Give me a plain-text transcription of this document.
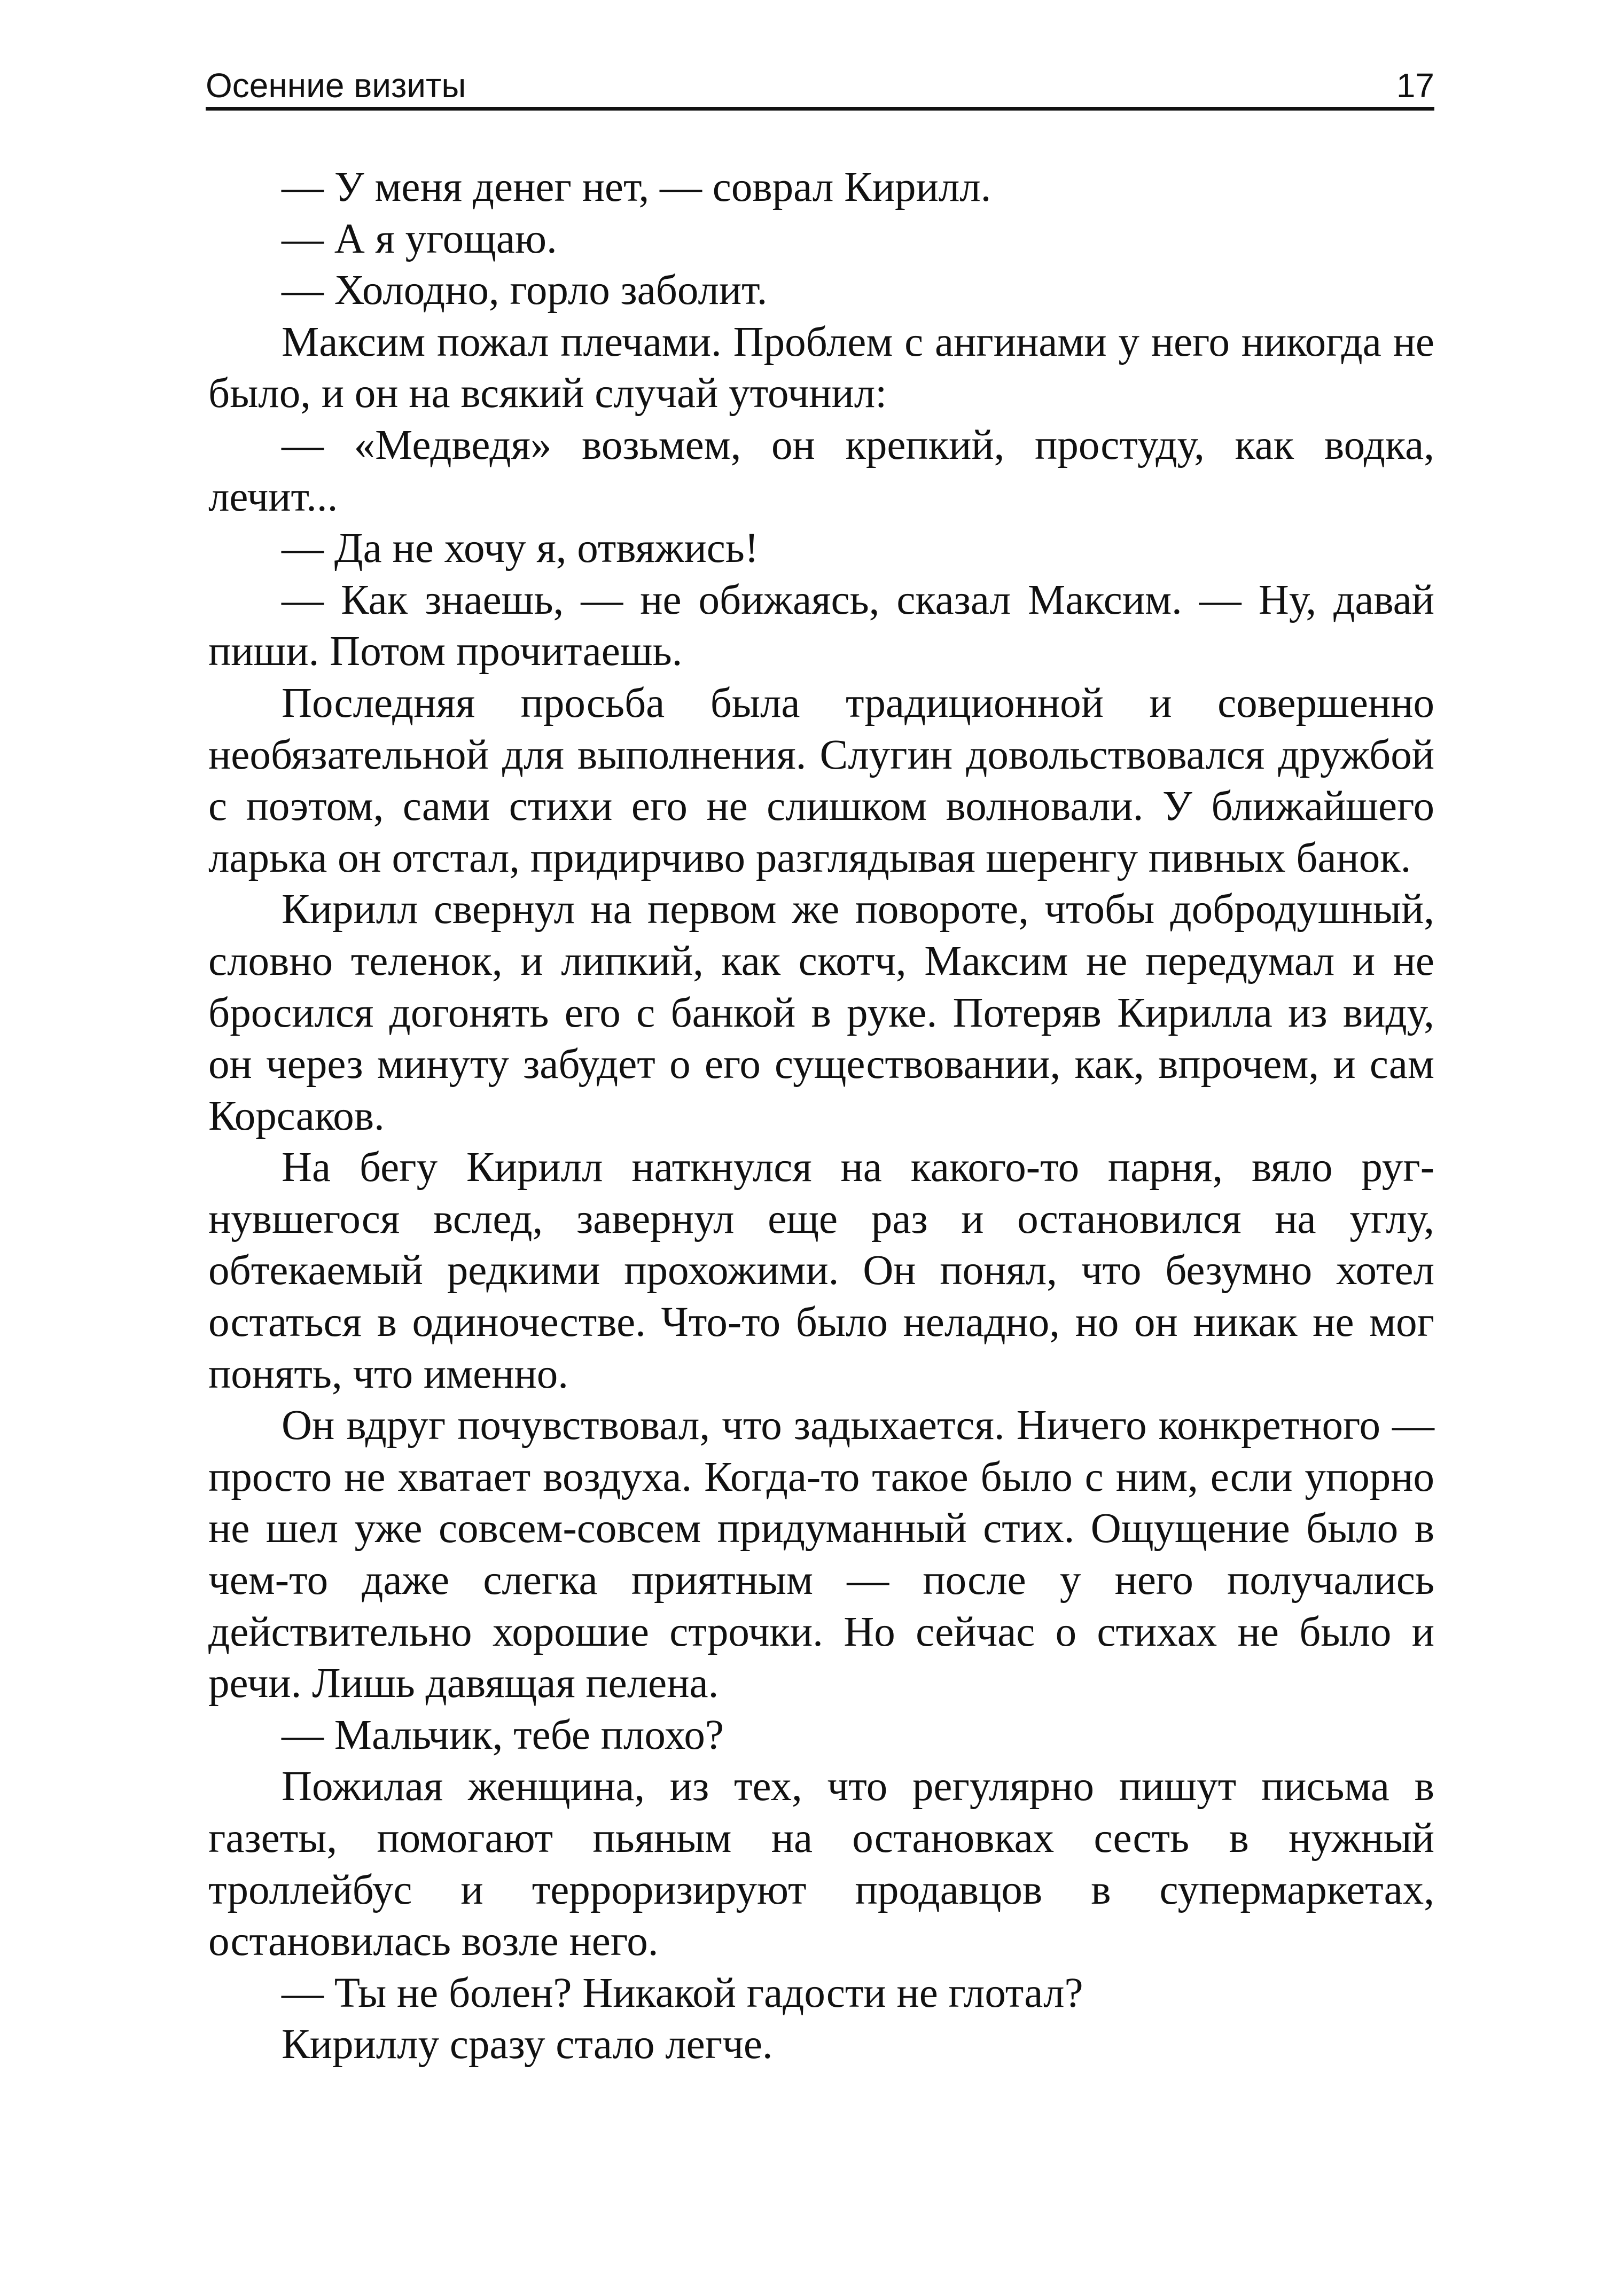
Осенние визиты	17

— У меня денег нет, — соврал Кирилл.

— А я угощаю.

— Холодно, горло заболит.

Максим пожал плечами. Проблем с ангинами у него никогда не было, и он на всякий случай уточнил:

— «Медведя» возьмем, он крепкий, простуду, как водка, лечит...

— Да не хочу я, отвяжись!

— Как знаешь, — не обижаясь, сказал Максим. — Ну, давай пиши. Потом прочитаешь.

Последняя просьба была традиционной и совершенно необязательной для выполнения. Слугин довольствовался дружбой с поэтом, сами стихи его не слишком волновали. У ближайшего ларька он отстал, придирчиво разглядывая шеренгу пивных банок.

Кирилл свернул на первом же повороте, чтобы добродушный, словно теленок, и липкий, как скотч, Максим не передумал и не бросился догонять его с банкой в руке. Потеряв Кирилла из виду, он через минуту забудет о его существовании, как, впрочем, и сам Корсаков.

На бегу Кирилл наткнулся на какого-то парня, вяло ругнувшегося вслед, завернул еще раз и остановился на углу, обтекаемый редкими прохожими. Он понял, что безумно хотел остаться в одиночестве. Что-то было неладно, но он никак не мог понять, что именно.

Он вдруг почувствовал, что задыхается. Ничего конкретного — просто не хватает воздуха. Когда-то такое было с ним, если упорно не шел уже совсем-совсем придуманный стих. Ощущение было в чем-то даже слегка приятным — после у него получались действительно хорошие строчки. Но сейчас о стихах не было и речи. Лишь давящая пелена.

— Мальчик, тебе плохо?

Пожилая женщина, из тех, что регулярно пишут письма в газеты, помогают пьяным на остановках сесть в нужный троллейбус и терроризируют продавцов в супермаркетах, остановилась возле него.

— Ты не болен? Никакой гадости не глотал?

Кириллу сразу стало легче.
